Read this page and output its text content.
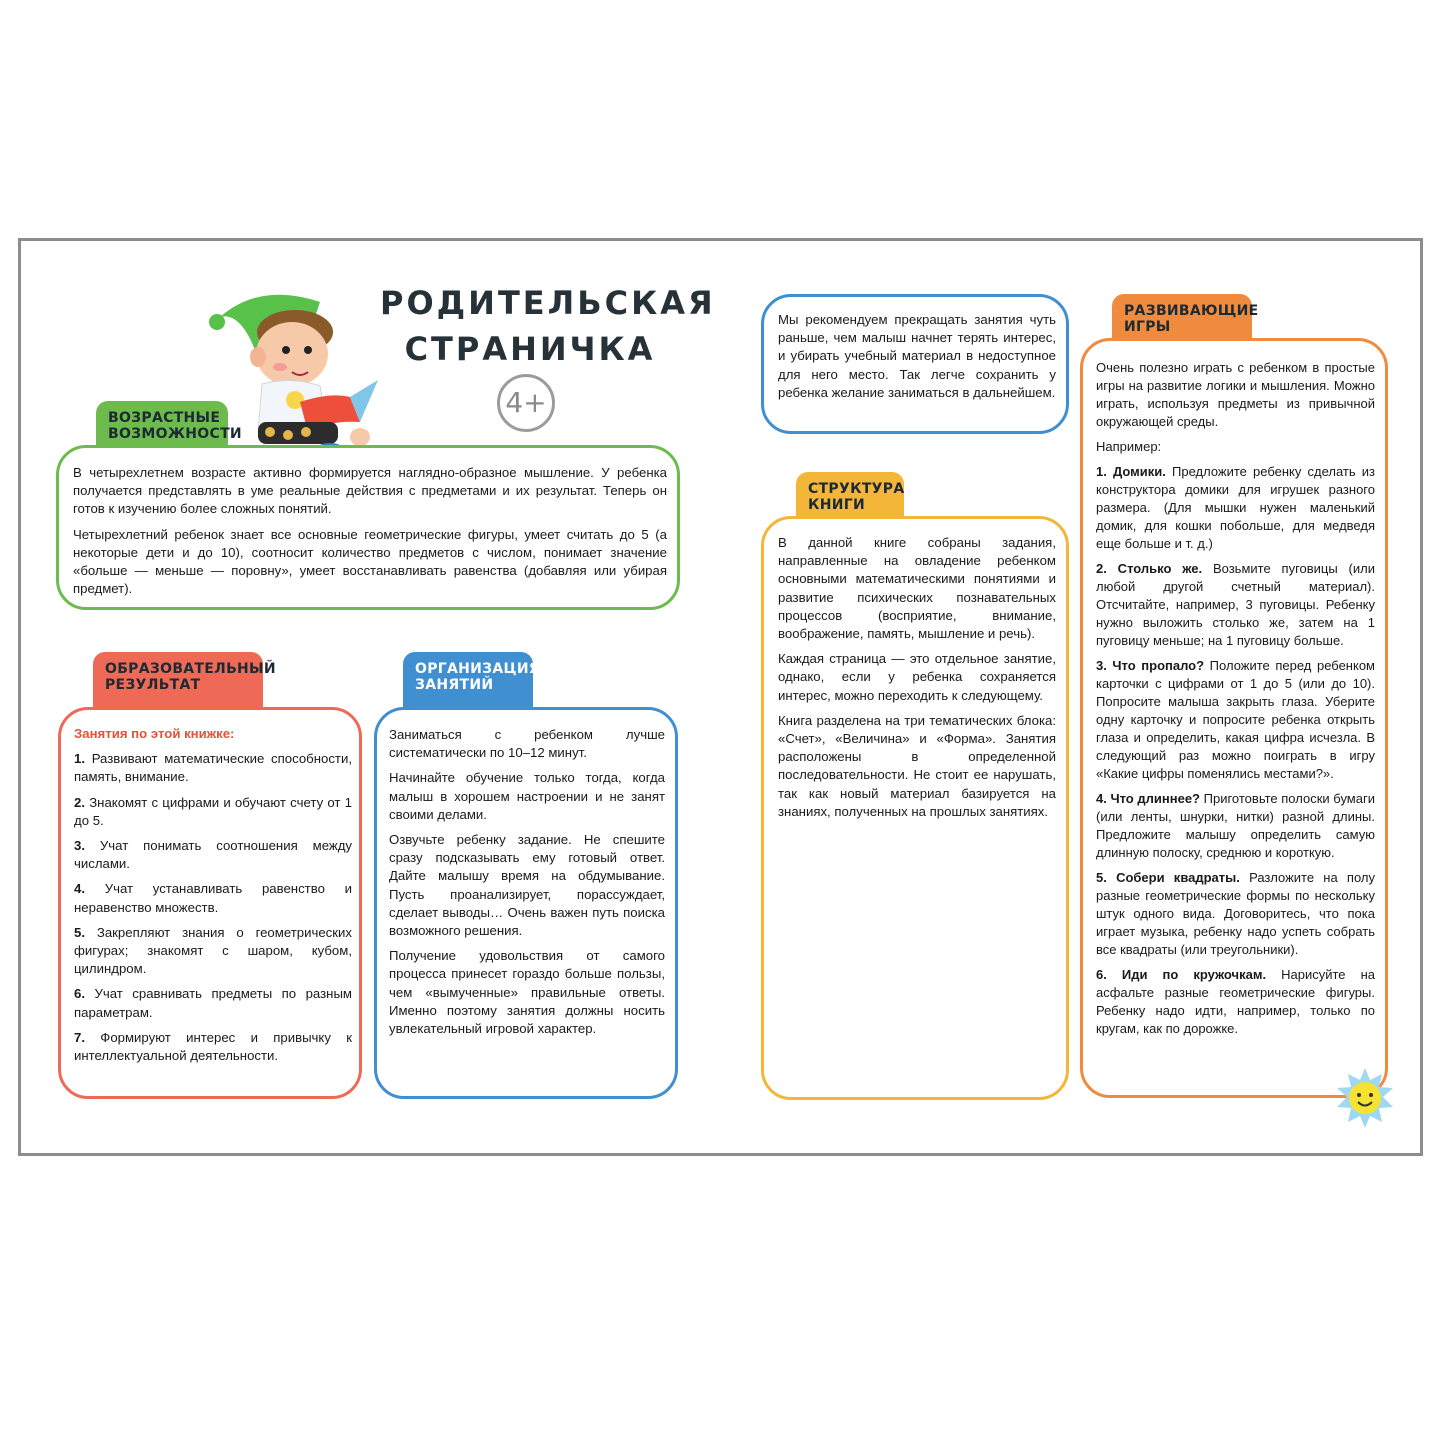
РОДИТЕЛЬСКАЯ
СТРАНИЧКА
4+
ВОЗРАСТНЫЕ ВОЗМОЖНОСТИ

В четырехлетнем возрасте активно формируется наглядно-образное мышление. У ребенка получается представлять в уме реальные действия с предметами и их результат. Теперь он готов к изучению более сложных понятий.

Четырехлетний ребенок знает все основные геометрические фигуры, умеет считать до 5 (а некоторые дети и до 10), соотносит количество предметов с числом, понимает значение «больше — меньше — поровну», умеет восстанавливать равенства (добавляя или убирая предмет).

ОБРАЗОВАТЕЛЬНЫЙ РЕЗУЛЬТАТ

Занятия по этой книжке:

1. Развивают математические способности, память, внимание.

2. Знакомят с цифрами и обучают счету от 1 до 5.

3. Учат понимать соотношения между числами.

4. Учат устанавливать равенство и неравенство множеств.

5. Закрепляют знания о геометрических фигурах; знакомят с шаром, кубом, цилиндром.

6. Учат сравнивать предметы по разным параметрам.

7. Формируют интерес и привычку к интеллектуальной деятельности.

ОРГАНИЗАЦИЯ ЗАНЯТИЙ

Заниматься с ребенком лучше систематически по 10–12 минут.

Начинайте обучение только тогда, когда малыш в хорошем настроении и не занят своими делами.

Озвучьте ребенку задание. Не спешите сразу подсказывать ему готовый ответ. Дайте малышу время на обдумывание. Пусть проанализирует, порассуждает, сделает выводы… Очень важен путь поиска возможного решения.

Получение удовольствия от самого процесса принесет гораздо больше пользы, чем «вымученные» правильные ответы. Именно поэтому занятия должны носить увлекательный игровой характер.

Мы рекомендуем прекращать занятия чуть раньше, чем малыш начнет терять интерес, и убирать учебный материал в недоступное для него место. Так легче сохранить у ребенка желание заниматься в дальнейшем.
СТРУКТУРА КНИГИ

В данной книге собраны задания, направленные на овладение ребенком основными математическими понятиями и развитие психических познавательных процессов (восприятие, внимание, воображение, память, мышление и речь).

Каждая страница — это отдельное занятие, однако, если у ребенка сохраняется интерес, можно переходить к следующему.

Книга разделена на три тематических блока: «Счет», «Величина» и «Форма». Занятия расположены в определенной последовательности. Не стоит ее нарушать, так как новый материал базируется на знаниях, полученных на прошлых занятиях.

РАЗВИВАЮЩИЕ ИГРЫ

Очень полезно играть с ребенком в простые игры на развитие логики и мышления. Можно играть, используя предметы из привычной окружающей среды.

Например:

1. Домики. Предложите ребенку сделать из конструктора домики для игрушек разного размера. (Для мышки нужен маленький домик, для кошки побольше, для медведя еще больше и т. д.)

2. Столько же. Возьмите пуговицы (или любой другой счетный материал). Отсчитайте, например, 3 пуговицы. Ребенку нужно выложить столько же, затем на 1 пуговицу меньше; на 1 пуговицу больше.

3. Что пропало? Положите перед ребенком карточки с цифрами от 1 до 5 (или до 10). Попросите малыша закрыть глаза. Уберите одну карточку и попросите ребенка открыть глаза и определить, какая цифра исчезла. В следующий раз можно поиграть в игру «Какие цифры поменялись местами?».

4. Что длиннее? Приготовьте полоски бумаги (или ленты, шнурки, нитки) разной длины. Предложите малышу определить самую длинную полоску, среднюю и короткую.

5. Собери квадраты. Разложите на полу разные геометрические формы по нескольку штук одного вида. Договоритесь, что пока играет музыка, ребенку надо успеть собрать все квадраты (или треугольники).

6. Иди по кружочкам. Нарисуйте на асфальте разные геометрические фигуры. Ребенку надо идти, например, только по кругам, как по дорожке.
